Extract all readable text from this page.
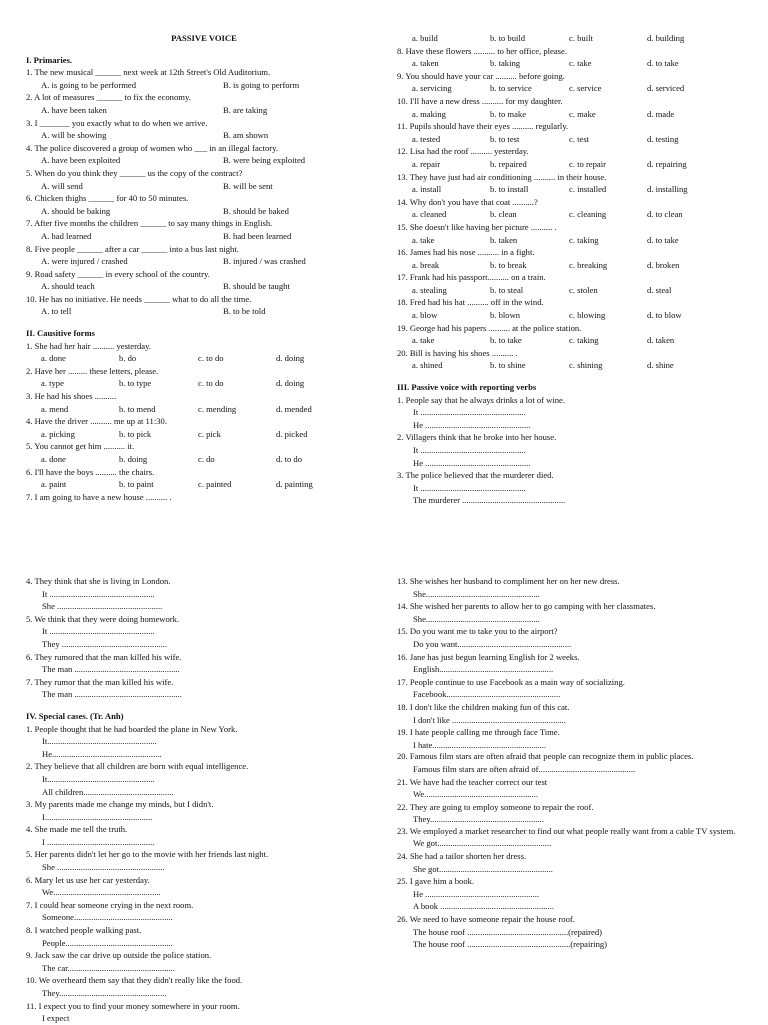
PASSIVE VOICE
I. Primaries.
1. The new musical ______ next week at 12th Street's Old Auditorium.
A. is going to be performed	B. is going to perform
2. A lot of measures ______ to fix the economy.
A. have been taken	B. are taking
3. I _______ you exactly what to do when we arrive.
A. will be showing	B. am shown
4. The police discovered a group of women who ___ in an illegal factory.
A. have been exploited	B. were being exploited
5. When do you think they ______ us the copy of the contract?
A. will send	B. will be sent
6. Chicken thighs ______ for 40 to 50 minutes.
A. should be baking	B. should be baked
7. After five months the children ______ to say many things in English.
A. had learned	B. had been learned
8. Five people ______ after a car ______ into a bus last night.
A. were injured / crashed	B. injured / was crashed
9. Road safety ______ in every school of the country.
A. should teach	B. should be taught
10. He has no initiative. He needs ______ what to do all the time.
A. to tell	B. to be told
II. Causitive forms
1. She had her hair .......... yesterday.
a. done	b. do	c. to do	d. doing
2. Have her ......... these letters, please.
a. type	b. to type	c. to do	d. doing
3. He had his shoes ..........
a. mend	b. to mend	c. mending	d. mended
4. Have the driver .......... me up at 11:30.
a. picking	b. to pick	c. pick	d. picked
5. You cannot get him .......... it.
a. done	b. doing	c. do	d. to do
6. I'll have the boys .......... the chairs.
a. paint	b. to paint	c. painted	d. painting
7. I am going to have a new house .......... .
a. build	b. to build	c. built	d. building
8. Have these flowers .......... to her office, please.
a. taken	b. taking	c. take	d. to take
9. You should have your car .......... before going.
a. servicing	b. to service	c. service	d. serviced
10. I'll have a new dress .......... for my daughter.
a. making	b. to make	c. make	d. made
11. Pupils should have their eyes .......... regularly.
a. tested	b. to test	c. test	d. testing
12. Lisa had the roof .......... yesterday.
a. repair	b. repaired	c. to repair	d. repairing
13. They have just had air conditioning .......... in their house.
a. install	b. to install	c. installed	d. installing
14. Why don't you have that coat ..........?
a. cleaned	b. clean	c. cleaning	d. to clean
15. She doesn't like having her picture .......... .
a. take	b. taken	c. taking	d. to take
16. James had his nose .......... in a fight.
a. break	b. to break	c. breaking	d. broken
17. Frank had his passport.......... on a train.
a. stealing	b. to steal	c. stolen	d. steal
18. Fred had his hat .......... off in the wind.
a. blow	b. blown	c. blowing	d. to blow
19. George had his papers .......... at the police station.
a. take	b. to take	c. taking	d. taken
20. Bill is having his shoes .......... .
a. shined	b. to shine	c. shining	d. shine
III. Passive voice with reporting verbs
1. People say that he always drinks a lot of wine.
It .................................................
He .................................................
2. Villagers think that he broke into her house.
It .................................................
He .................................................
3. The police believed that the murderer died.
It .................................................
The murderer ................................................
4. They think that she is living in London.
It .................................................
She .................................................
5. We think that they were doing homework.
It .................................................
They .................................................
6. They rumored that the man killed his wife.
The man .................................................
7. They rumor that the man killed his wife.
The man ..................................................
IV. Special cases. (Tr. Anh)
1. People thought that he had boarded the plane in New York.
It...................................................
He...................................................
2. They believe that all children are born with equal intelligence.
It..................................................
All children..........................................
3. My parents made me change my minds, but I didn't.
I..................................................
4. She made me tell the truth.
I ..................................................
5. Her parents didn't let her go to the movie with her friends last night.
She ..................................................
6. Mary let us use her car yesterday.
We..................................................
7. I could hear someone crying in the next room.
Someone..............................................
8. I watched people walking past.
People..................................................
9. Jack saw the car drive up outside the police station.
The car..................................................
10. We overheard them say that they didn't really like the food.
They..................................................
11. I expect you to find your money somewhere in your room.
I expect
13. She wishes her husband to compliment her on her new dress.
She.....................................................
14. She wished her parents to allow her to go camping with her classmates.
She.....................................................
15. Do you want me to take you to the airport?
Do you want.....................................................
16. Jane has just begun learning English for 2 weeks.
English.....................................................
17. People continue to use Facebook as a main way of socializing.
Facebook.....................................................
18. I don't like the children making fun of this cat.
I don't like .....................................................
19. I hate people calling me through face Time.
I hate.....................................................
20. Famous film stars are often afraid that people can recognize them in public places.
Famous film stars are often afraid of.............................................
21. We have had the teacher correct our test
We.....................................................
22. They are going to employ someone to repair the roof.
They.....................................................
23. We employed a market researcher to find out what people really want from a cable TV system.
We got.....................................................
24. She had a tailor shorten her dress.
She got.....................................................
25. I gave him a book.
He .....................................................
A book .....................................................
26. We need to have someone repair the house roof.
The house roof ...............................................(repaired)
The house roof ................................................(repairing)
